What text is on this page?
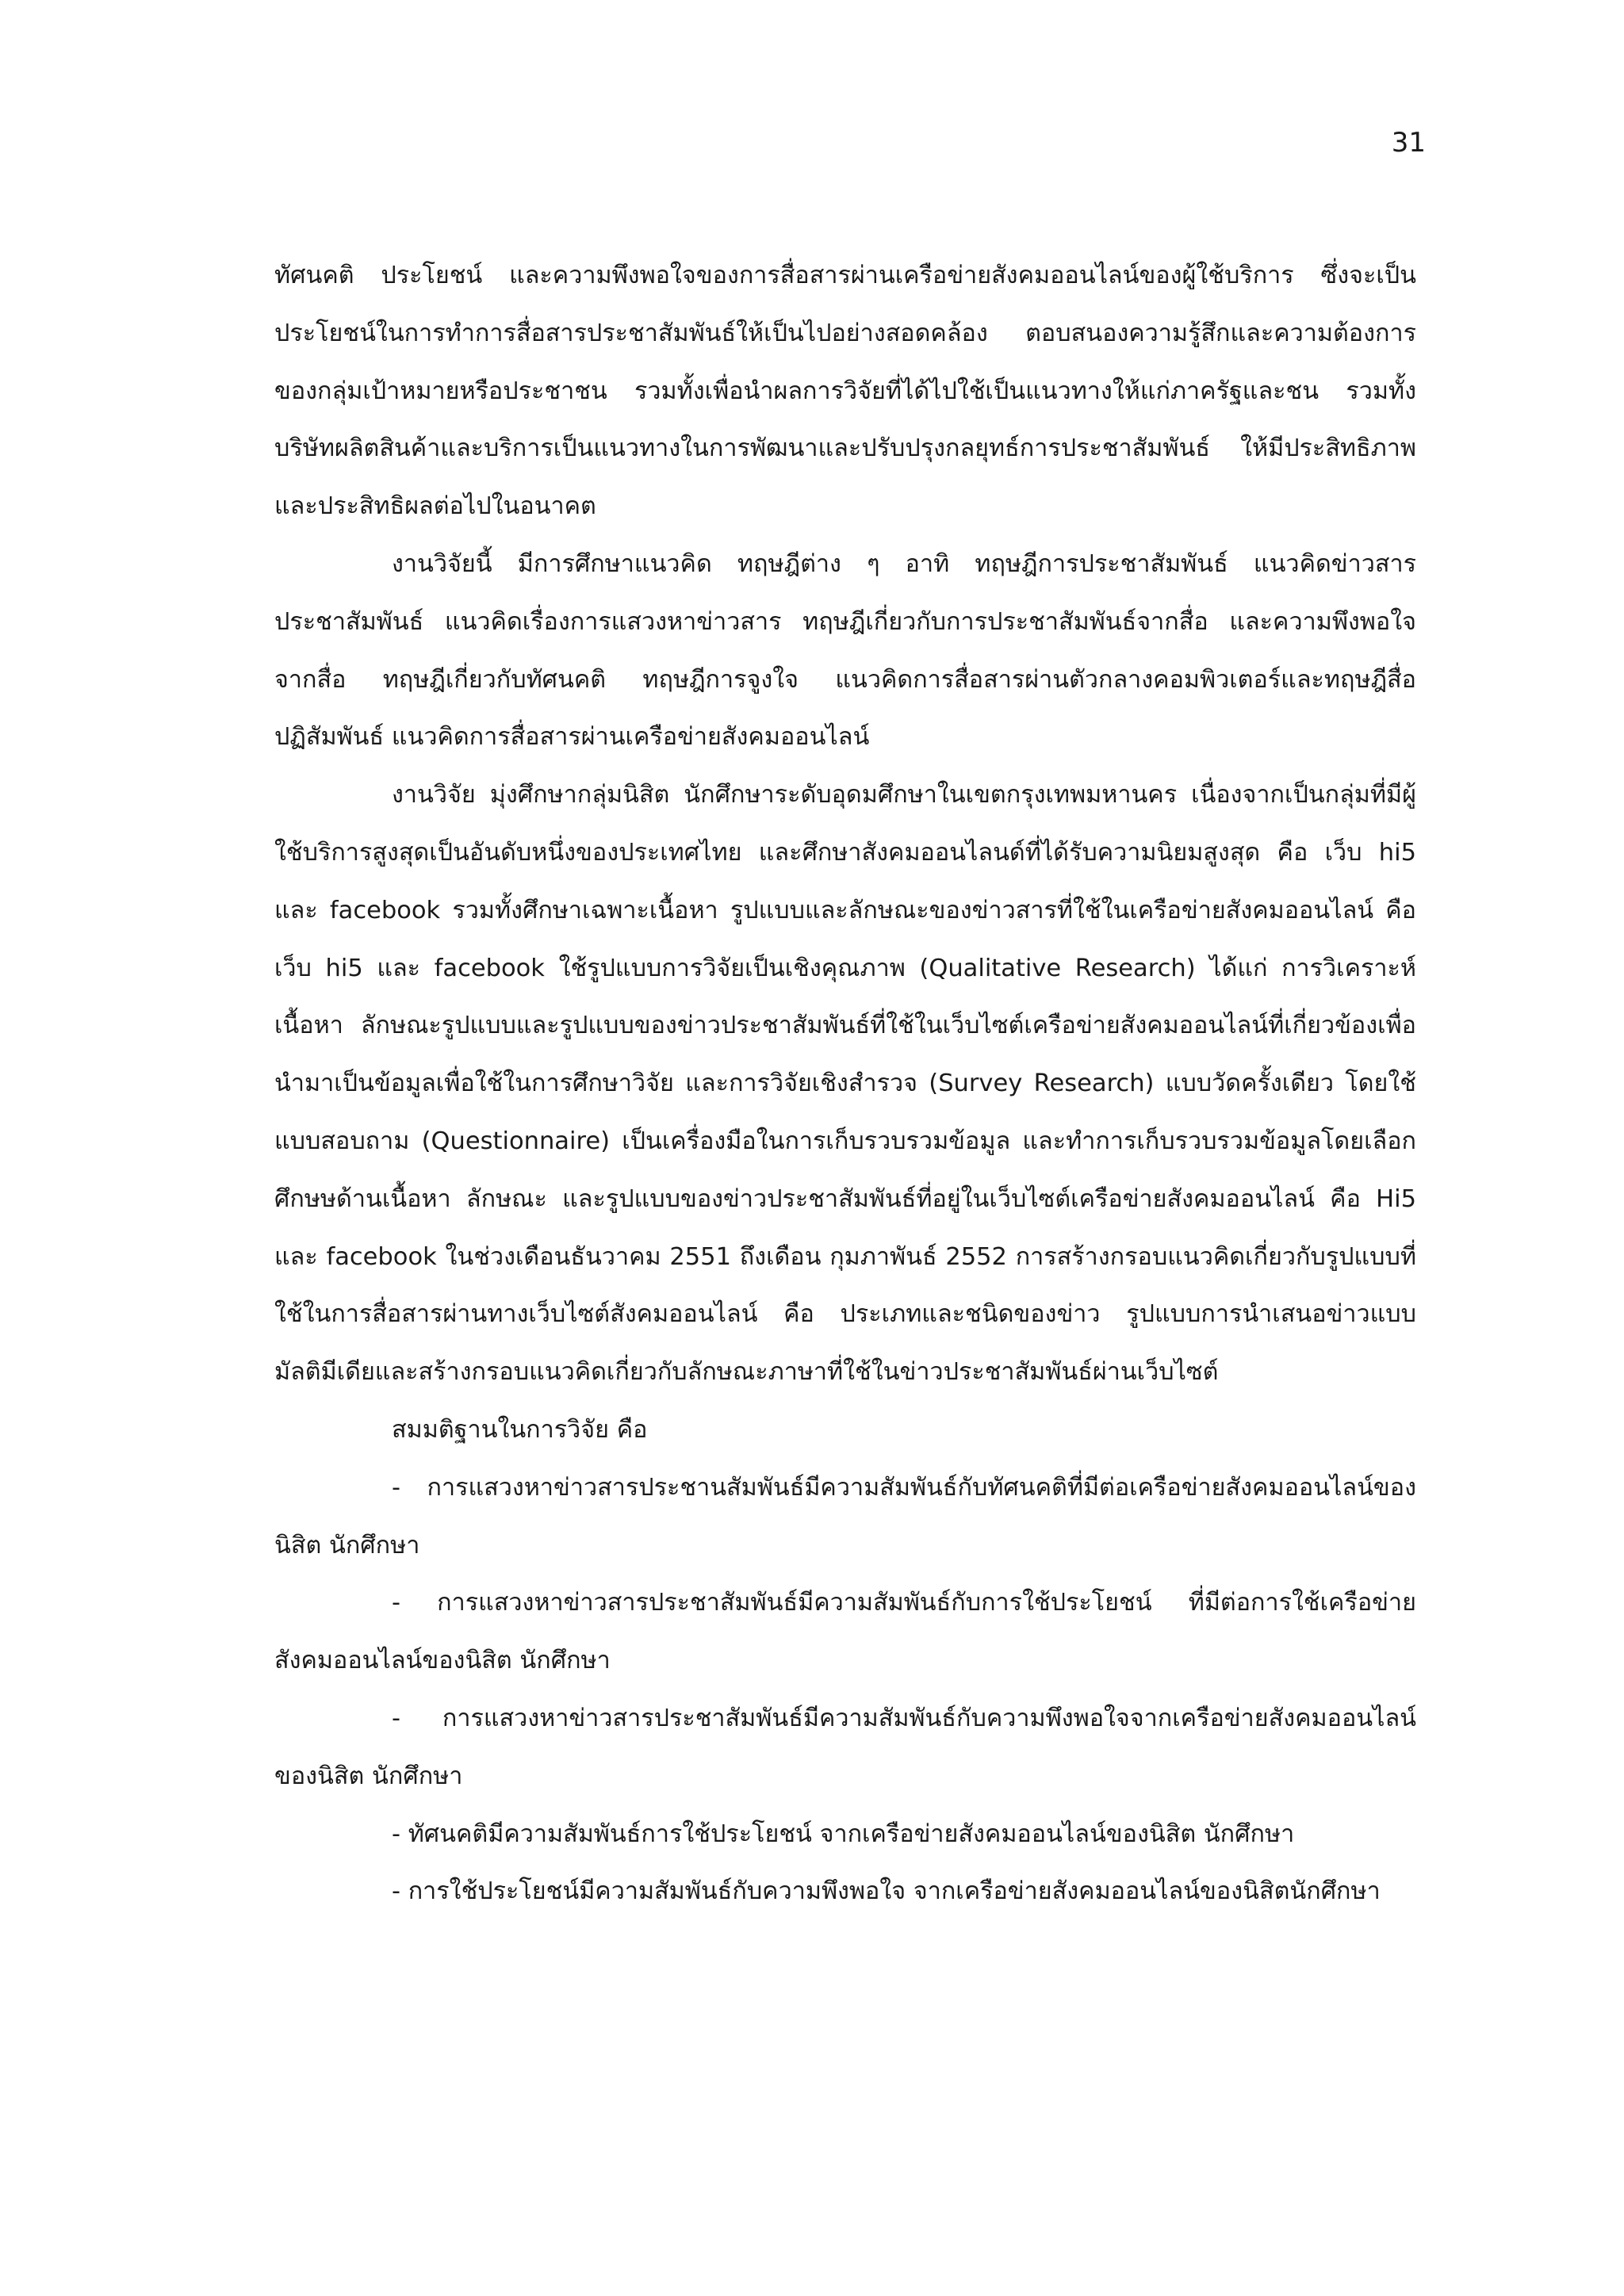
31

ทัศนคติ ประโยชน์ และความพึงพอใจของการสื่อสารผ่านเครือข่ายสังคมออนไลน์ของผู้ใช้บริการ ซึ่งจะเป็นประโยชน์ในการทำการสื่อสารประชาสัมพันธ์ให้เป็นไปอย่างสอดคล้อง ตอบสนองความรู้สึกและความต้องการของกลุ่มเป้าหมายหรือประชาชน รวมทั้งเพื่อนำผลการวิจัยที่ได้ไปใช้เป็นแนวทางให้แก่ภาครัฐและชน รวมทั้งบริษัทผลิตสินค้าและบริการเป็นแนวทางในการพัฒนาและปรับปรุงกลยุทธ์การประชาสัมพันธ์ ให้มีประสิทธิภาพและประสิทธิผลต่อไปในอนาคต

งานวิจัยนี้ มีการศึกษาแนวคิด ทฤษฎีต่าง ๆ อาทิ ทฤษฎีการประชาสัมพันธ์ แนวคิดข่าวสารประชาสัมพันธ์ แนวคิดเรื่องการแสวงหาข่าวสาร ทฤษฎีเกี่ยวกับการประชาสัมพันธ์จากสื่อ และความพึงพอใจจากสื่อ ทฤษฎีเกี่ยวกับทัศนคติ ทฤษฎีการจูงใจ แนวคิดการสื่อสารผ่านตัวกลางคอมพิวเตอร์และทฤษฎีสื่อปฏิสัมพันธ์ แนวคิดการสื่อสารผ่านเครือข่ายสังคมออนไลน์

งานวิจัย มุ่งศึกษากลุ่มนิสิต นักศึกษาระดับอุดมศึกษาในเขตกรุงเทพมหานคร เนื่องจากเป็นกลุ่มที่มีผู้ใช้บริการสูงสุดเป็นอันดับหนึ่งของประเทศไทย และศึกษาสังคมออนไลนด์ที่ได้รับความนิยมสูงสุด คือ เว็บ hi5 และ facebook รวมทั้งศึกษาเฉพาะเนื้อหา รูปแบบและลักษณะของข่าวสารที่ใช้ในเครือข่ายสังคมออนไลน์ คือ เว็บ hi5 และ facebook ใช้รูปแบบการวิจัยเป็นเชิงคุณภาพ (Qualitative Research) ได้แก่ การวิเคราะห์เนื้อหา ลักษณะรูปแบบและรูปแบบของข่าวประชาสัมพันธ์ที่ใช้ในเว็บไซต์เครือข่ายสังคมออนไลน์ที่เกี่ยวข้องเพื่อนำมาเป็นข้อมูลเพื่อใช้ในการศึกษาวิจัย และการวิจัยเชิงสำรวจ (Survey Research) แบบวัดครั้งเดียว โดยใช้แบบสอบถาม (Questionnaire) เป็นเครื่องมือในการเก็บรวบรวมข้อมูล และทำการเก็บรวบรวมข้อมูลโดยเลือกศึกษษด้านเนื้อหา ลักษณะ และรูปแบบของข่าวประชาสัมพันธ์ที่อยู่ในเว็บไซต์เครือข่ายสังคมออนไลน์ คือ Hi5 และ facebook ในช่วงเดือนธันวาคม 2551 ถึงเดือน กุมภาพันธ์ 2552 การสร้างกรอบแนวคิดเกี่ยวกับรูปแบบที่ใช้ในการสื่อสารผ่านทางเว็บไซต์สังคมออนไลน์ คือ ประเภทและชนิดของข่าว รูปแบบการนำเสนอข่าวแบบมัลติมีเดียและสร้างกรอบแนวคิดเกี่ยวกับลักษณะภาษาที่ใช้ในข่าวประชาสัมพันธ์ผ่านเว็บไซต์

สมมติฐานในการวิจัย คือ

- การแสวงหาข่าวสารประชานสัมพันธ์มีความสัมพันธ์กับทัศนคติที่มีต่อเครือข่ายสังคมออนไลน์ของนิสิต นักศึกษา

- การแสวงหาข่าวสารประชาสัมพันธ์มีความสัมพันธ์กับการใช้ประโยชน์ ที่มีต่อการใช้เครือข่ายสังคมออนไลน์ของนิสิต นักศึกษา

- การแสวงหาข่าวสารประชาสัมพันธ์มีความสัมพันธ์กับความพึงพอใจจากเครือข่ายสังคมออนไลน์ของนิสิต นักศึกษา

- ทัศนคติมีความสัมพันธ์การใช้ประโยชน์ จากเครือข่ายสังคมออนไลน์ของนิสิต นักศึกษา

- การใช้ประโยชน์มีความสัมพันธ์กับความพึงพอใจ จากเครือข่ายสังคมออนไลน์ของนิสิตนักศึกษา
